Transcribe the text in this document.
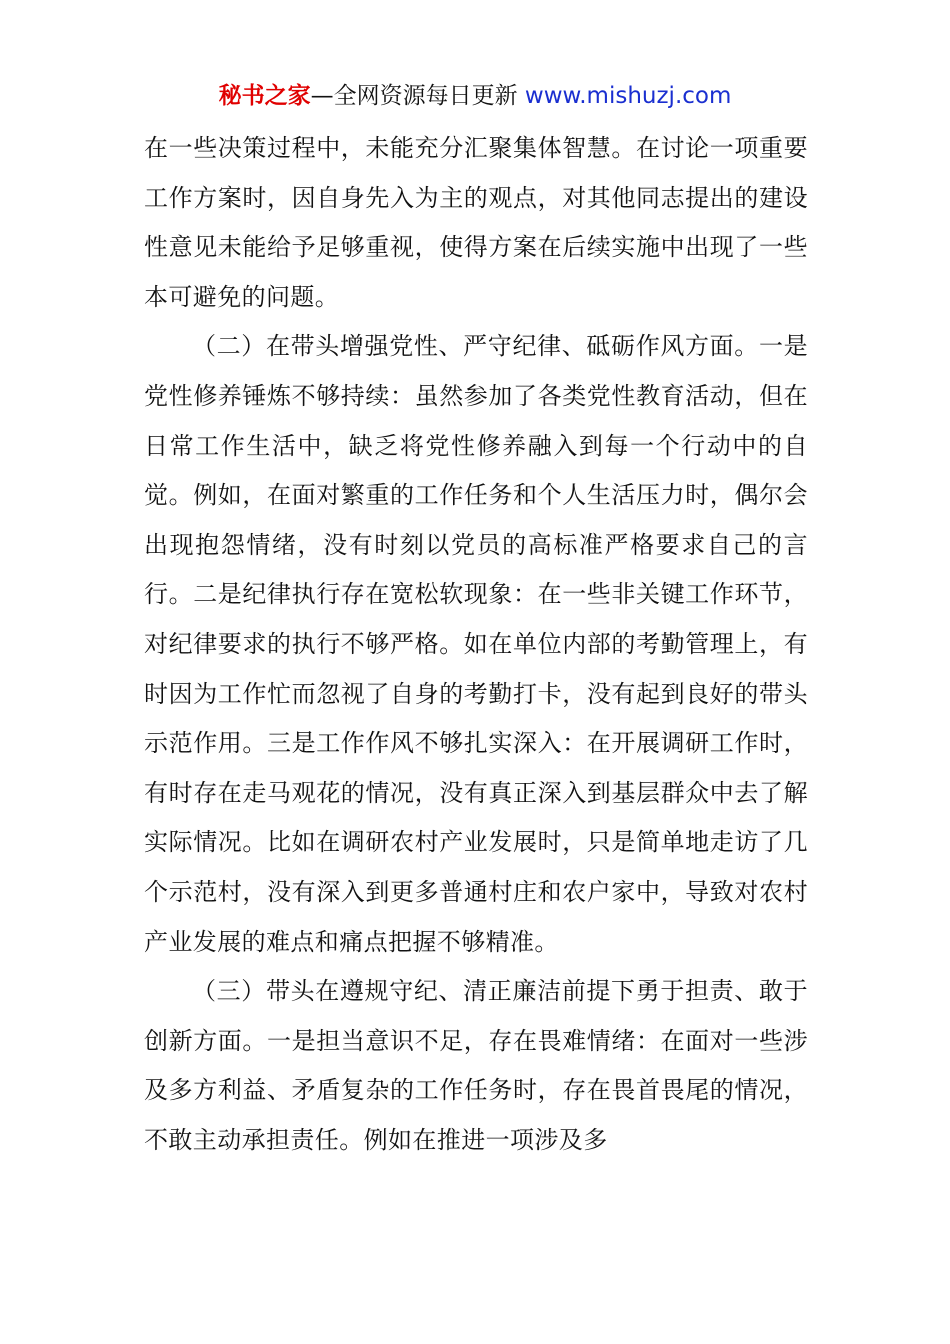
秘书之家—全网资源每日更新 www.mishuzj.com

在一些决策过程中，未能充分汇聚集体智慧。在讨论一项重要工作方案时，因自身先入为主的观点，对其他同志提出的建设性意见未能给予足够重视，使得方案在后续实施中出现了一些本可避免的问题。

（二）在带头增强党性、严守纪律、砥砺作风方面。一是党性修养锤炼不够持续：虽然参加了各类党性教育活动，但在日常工作生活中，缺乏将党性修养融入到每一个行动中的自觉。例如，在面对繁重的工作任务和个人生活压力时，偶尔会出现抱怨情绪，没有时刻以党员的高标准严格要求自己的言行。二是纪律执行存在宽松软现象：在一些非关键工作环节，对纪律要求的执行不够严格。如在单位内部的考勤管理上，有时因为工作忙而忽视了自身的考勤打卡，没有起到良好的带头示范作用。三是工作作风不够扎实深入：在开展调研工作时，有时存在走马观花的情况，没有真正深入到基层群众中去了解实际情况。比如在调研农村产业发展时，只是简单地走访了几个示范村，没有深入到更多普通村庄和农户家中，导致对农村产业发展的难点和痛点把握不够精准。

（三）带头在遵规守纪、清正廉洁前提下勇于担责、敢于创新方面。一是担当意识不足，存在畏难情绪：在面对一些涉及多方利益、矛盾复杂的工作任务时，存在畏首畏尾的情况，不敢主动承担责任。例如在推进一项涉及多
